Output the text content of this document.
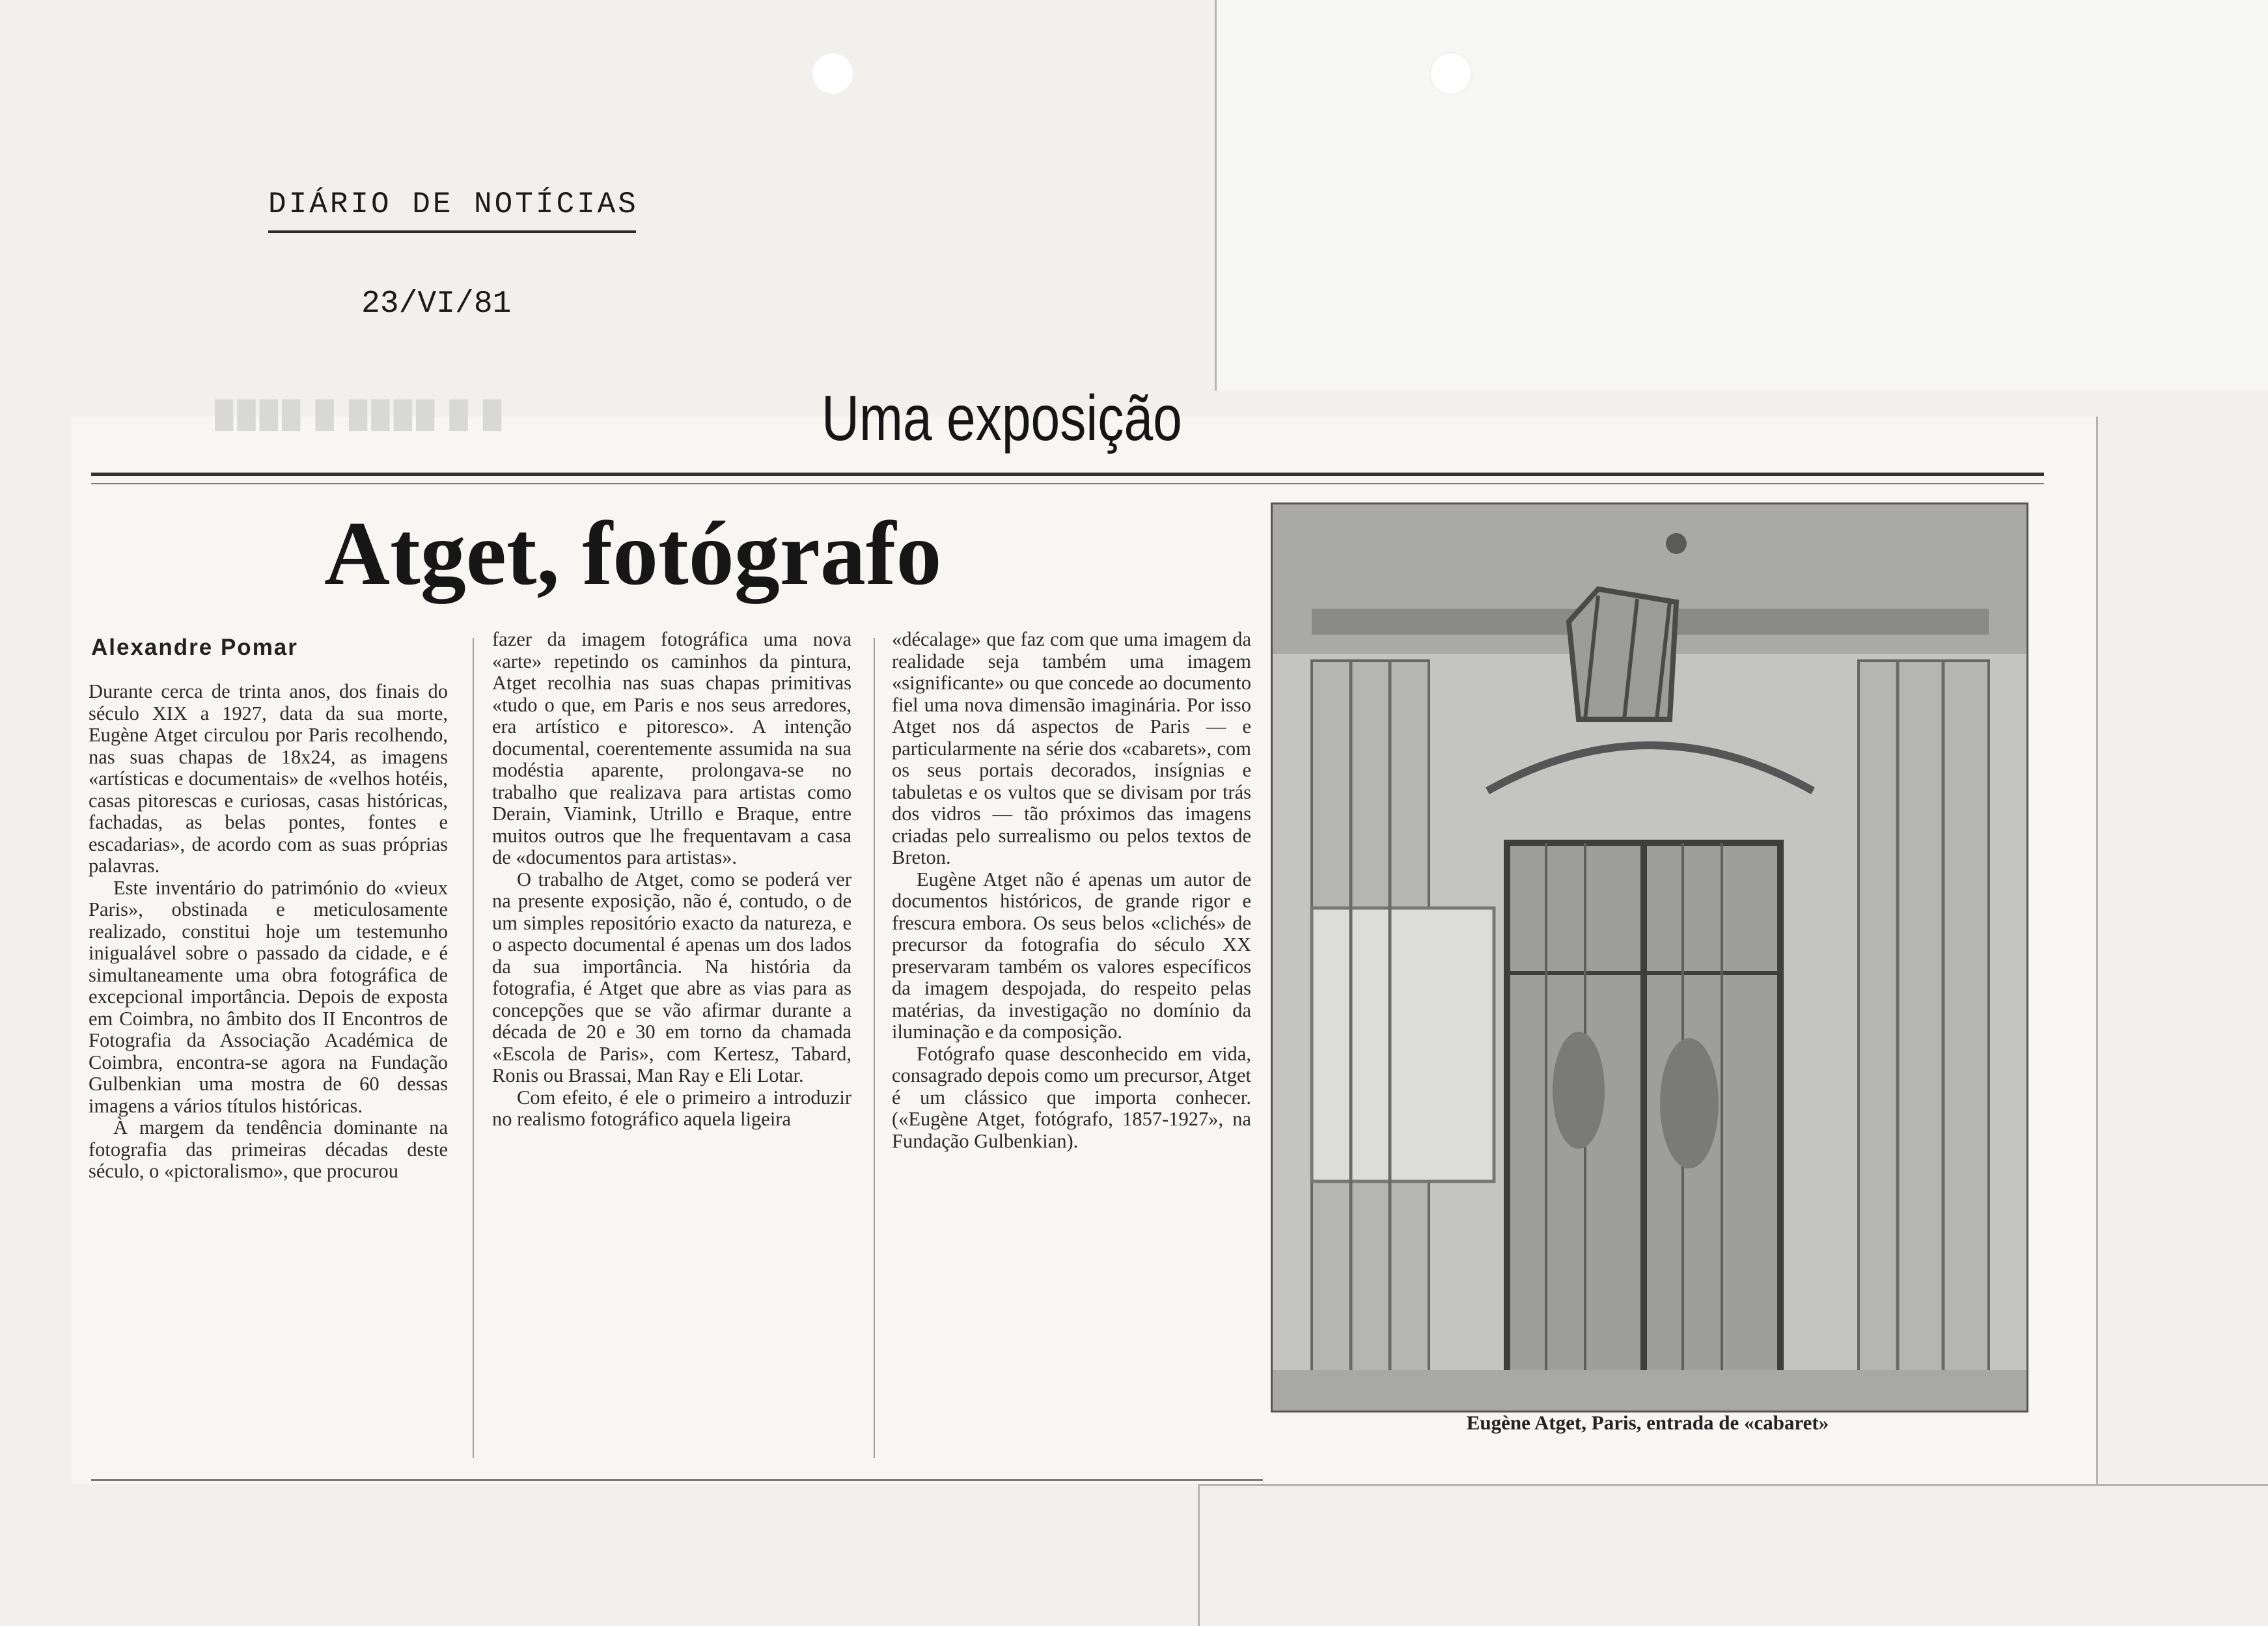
DIÁRIO DE NOTÍCIAS
23/VI/81
████ █ ████ █ █	Uma exposição
Atget, fotógrafo
Alexandre Pomar

Durante cerca de trinta anos, dos finais do século XIX a 1927, data da sua morte, Eugène Atget circulou por Paris recolhendo, nas suas chapas de 18x24, as imagens «artísticas e documentais» de «velhos hotéis, casas pitorescas e curiosas, casas históricas, fachadas, as belas pontes, fontes e escadarias», de acordo com as suas próprias palavras.

Este inventário do património do «vieux Paris», obstinada e meticulosamente realizado, constitui hoje um testemunho inigualável sobre o passado da cidade, e é simultaneamente uma obra fotográfica de excepcional importância. Depois de exposta em Coimbra, no âmbito dos II Encontros de Fotografia da Associação Académica de Coimbra, encontra-se agora na Fundação Gulbenkian uma mostra de 60 dessas imagens a vários títulos históricas.

À margem da tendência dominante na fotografia das primeiras décadas deste século, o «pictoralismo», que procurou

fazer da imagem fotográfica uma nova «arte» repetindo os caminhos da pintura, Atget recolhia nas suas chapas primitivas «tudo o que, em Paris e nos seus arredores, era artístico e pitoresco». A intenção documental, coerentemente assumida na sua modéstia aparente, prolongava-se no trabalho que realizava para artistas como Derain, Viamink, Utrillo e Braque, entre muitos outros que lhe frequentavam a casa de «documentos para artistas».

O trabalho de Atget, como se poderá ver na presente exposição, não é, contudo, o de um simples repositório exacto da natureza, e o aspecto documental é apenas um dos lados da sua importância. Na história da fotografia, é Atget que abre as vias para as concepções que se vão afirmar durante a década de 20 e 30 em torno da chamada «Escola de Paris», com Kertesz, Tabard, Ronis ou Brassai, Man Ray e Eli Lotar.

Com efeito, é ele o primeiro a introduzir no realismo fotográfico aquela ligeira

«décalage» que faz com que uma imagem da realidade seja também uma imagem «significante» ou que concede ao documento fiel uma nova dimensão imaginária. Por isso Atget nos dá aspectos de Paris — e particularmente na série dos «cabarets», com os seus portais decorados, insígnias e tabuletas e os vultos que se divisam por trás dos vidros — tão próximos das imagens criadas pelo surrealismo ou pelos textos de Breton.

Eugène Atget não é apenas um autor de documentos históricos, de grande rigor e frescura embora. Os seus belos «clichés» de precursor da fotografia do século XX preservaram também os valores específicos da imagem despojada, do respeito pelas matérias, da investigação no domínio da iluminação e da composição.

Fotógrafo quase desconhecido em vida, consagrado depois como um precursor, Atget é um clássico que importa conhecer. («Eugène Atget, fotógrafo, 1857-1927», na Fundação Gulbenkian).

Eugène Atget, Paris, entrada de «cabaret»
